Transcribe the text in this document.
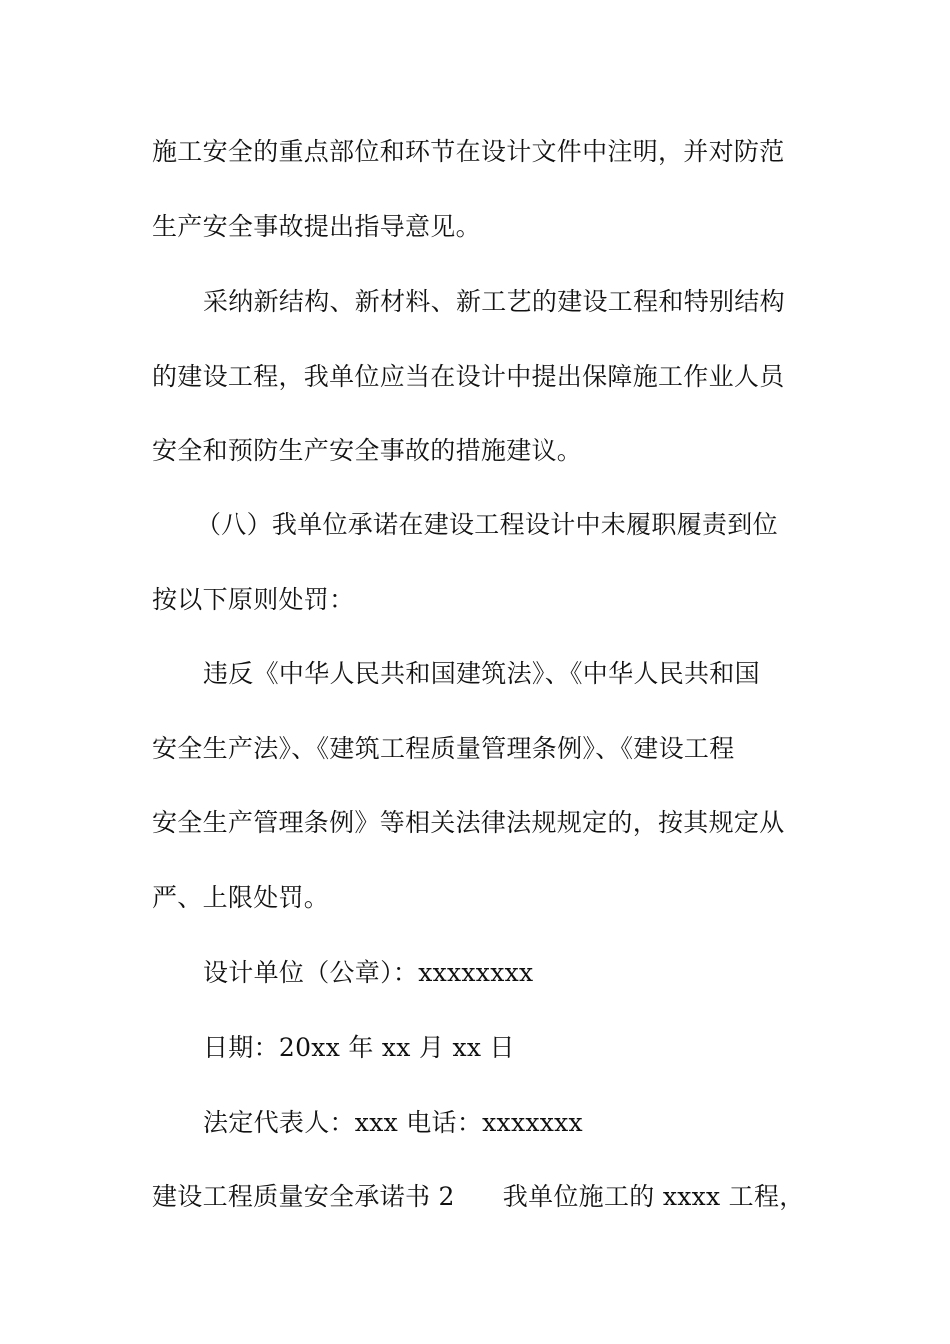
施工安全的重点部位和环节在设计文件中注明，并对防范
生产安全事故提出指导意见。
采纳新结构、新材料、新工艺的建设工程和特别结构
的建设工程，我单位应当在设计中提出保障施工作业人员
安全和预防生产安全事故的措施建议。
（八）我单位承诺在建设工程设计中未履职履责到位
按以下原则处罚：
违反《中华人民共和国建筑法》、《中华人民共和国
安全生产法》、《建筑工程质量管理条例》、《建设工程
安全生产管理条例》等相关法律法规规定的，按其规定从
严、上限处罚。
设计单位（公章）：xxxxxxxx
日期：20xx 年 xx 月 xx 日
法定代表人：xxx 电话：xxxxxxx
建设工程质量安全承诺书 2 我单位施工的 xxxx 工程，
